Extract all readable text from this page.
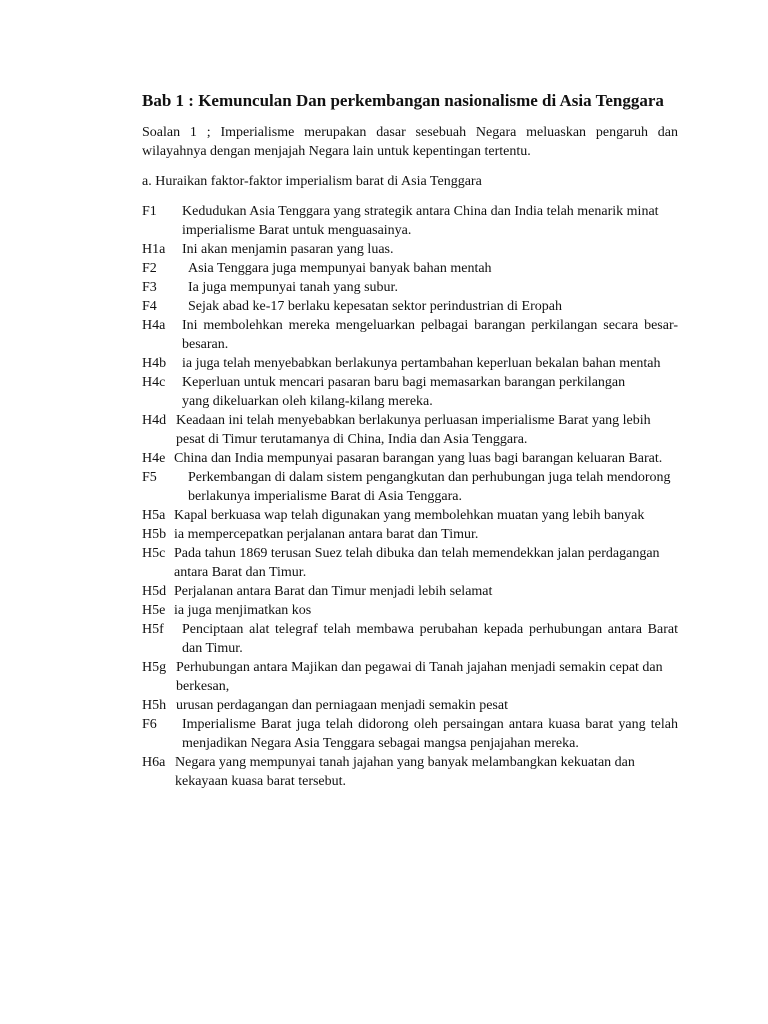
Bab 1 : Kemunculan Dan perkembangan nasionalisme di Asia Tenggara
Soalan 1 ; Imperialisme merupakan dasar sesebuah Negara meluaskan pengaruh dan wilayahnya dengan menjajah Negara lain untuk kepentingan tertentu.
a. Huraikan faktor-faktor imperialism barat di Asia Tenggara
F1	Kedudukan Asia Tenggara yang strategik antara China dan India telah menarik minat imperialisme Barat untuk menguasainya.
H1a	Ini akan menjamin pasaran yang luas.
F2	Asia Tenggara juga mempunyai banyak bahan mentah
F3	Ia juga mempunyai tanah yang subur.
F4	Sejak abad ke-17 berlaku kepesatan sektor perindustrian di Eropah
H4a	Ini membolehkan mereka mengeluarkan pelbagai barangan perkilangan secara besar- besaran.
H4b	ia juga telah menyebabkan berlakunya pertambahan keperluan bekalan bahan mentah
H4c	Keperluan untuk mencari pasaran baru bagi memasarkan barangan perkilangan
yang dikeluarkan oleh kilang-kilang mereka.
H4d Keadaan ini telah menyebabkan berlakunya perluasan imperialisme Barat yang lebih pesat di Timur terutamanya di China, India dan Asia Tenggara.
H4e China dan India mempunyai pasaran barangan yang luas bagi barangan keluaran Barat.
F5	Perkembangan di dalam sistem pengangkutan dan perhubungan juga telah mendorong berlakunya imperialisme Barat di Asia Tenggara.
H5a Kapal berkuasa wap telah digunakan yang membolehkan muatan yang lebih banyak
H5b ia mempercepatkan perjalanan antara barat dan Timur.
H5c Pada tahun 1869 terusan Suez telah dibuka dan telah memendekkan jalan perdagangan antara Barat dan Timur.
H5d Perjalanan antara Barat dan Timur menjadi lebih selamat
H5e ia juga menjimatkan kos
H5f	Penciptaan alat telegraf telah membawa perubahan kepada perhubungan antara Barat dan Timur.
H5g Perhubungan antara Majikan dan pegawai di Tanah jajahan menjadi semakin cepat dan berkesan,
H5h urusan perdagangan dan perniagaan menjadi semakin pesat
F6	Imperialisme Barat juga telah didorong oleh persaingan antara kuasa barat yang telah menjadikan Negara Asia Tenggara sebagai mangsa penjajahan mereka.
H6a Negara yang mempunyai tanah jajahan yang banyak melambangkan kekuatan dan kekayaan kuasa barat tersebut.
